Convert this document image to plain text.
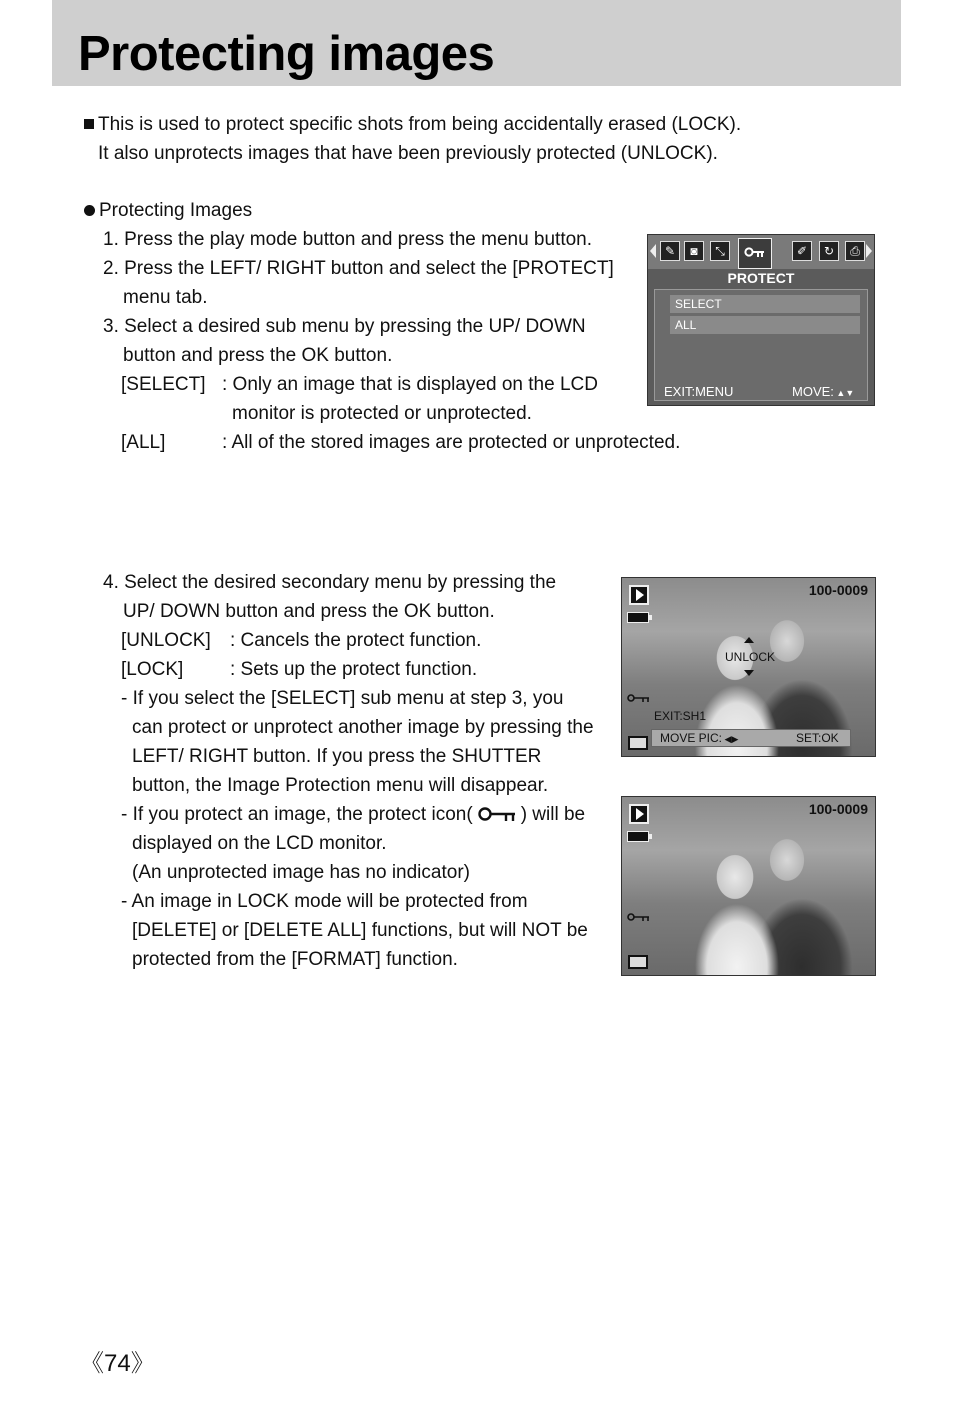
Protecting images
This is used to protect specific shots from being accidentally erased (LOCK).
It also unprotects images that have been previously protected (UNLOCK).
Protecting Images
1. Press the play mode button and press the menu button.
2. Press the LEFT/ RIGHT button and select the [PROTECT]
menu tab.
3. Select a desired sub menu by pressing the UP/ DOWN
button and press the OK button.
[SELECT] : Only an image that is displayed on the LCD
monitor is protected or unprotected.
[ALL]	: All of the stored images are protected or unprotected.
✎	◙	⤡	✐	↻	⎙
PROTECT
SELECT
ALL
EXIT:MENU	MOVE: ▲▼
4. Select the desired secondary menu by pressing the
UP/ DOWN button and press the OK button.
[UNLOCK] : Cancels the protect function.
[LOCK] : Sets up the protect function.
- If you select the [SELECT] sub menu at step 3, you
can protect or unprotect another image by pressing the
LEFT/ RIGHT button. If you press the SHUTTER
button, the Image Protection menu will disappear.
- If you protect an image, the protect icon(	) will be
displayed on the LCD monitor.
(An unprotected image has no indicator)
- An image in LOCK mode will be protected from
[DELETE] or [DELETE ALL] functions, but will NOT be
protected from the [FORMAT] function.
100-0009
UNLOCK
EXIT:SH1
MOVE PIC: ◀▶	SET:OK
100-0009
《74》
